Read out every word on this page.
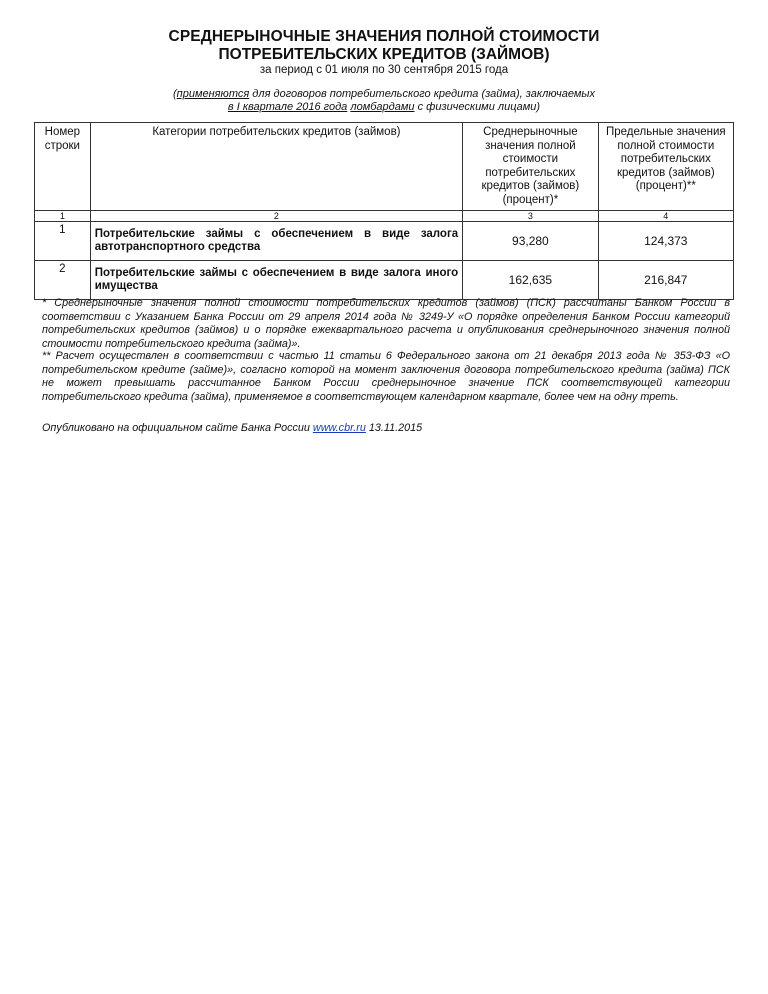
СРЕДНЕРЫНОЧНЫЕ ЗНАЧЕНИЯ ПОЛНОЙ СТОИМОСТИ
ПОТРЕБИТЕЛЬСКИХ КРЕДИТОВ (ЗАЙМОВ)
за период с 01 июля по 30 сентября 2015 года
(применяются для договоров потребительского кредита (займа), заключаемых
в I квартале 2016 года ломбардами с физическими лицами)
Номер строки	Категории потребительских кредитов (займов)	Среднерыночные значения полной стоимости потребительских кредитов (займов) (процент)*	Предельные значения полной стоимости потребительских кредитов (займов) (процент)**
1	2	3	4
1	Потребительские займы с обеспечением в виде залога автотранспортного средства	93,280	124,373
2	Потребительские займы с обеспечением в виде залога иного имущества	162,635	216,847
* Среднерыночные значения полной стоимости потребительских кредитов (займов) (ПСК) рассчитаны Банком России в соответствии с Указанием Банка России от 29 апреля 2014 года № 3249-У «О порядке определения Банком России категорий потребительских кредитов (займов) и о порядке ежеквартального расчета и опубликования среднерыночного значения полной стоимости потребительского кредита (займа)».
** Расчет осуществлен в соответствии с частью 11 статьи 6 Федерального закона от 21 декабря 2013 года № 353-ФЗ «О потребительском кредите (займе)», согласно которой на момент заключения договора потребительского кредита (займа) ПСК не может превышать рассчитанное Банком России среднерыночное значение ПСК соответствующей категории потребительского кредита (займа), применяемое в соответствующем календарном квартале, более чем на одну треть.
Опубликовано на официальном сайте Банка России www.cbr.ru 13.11.2015
